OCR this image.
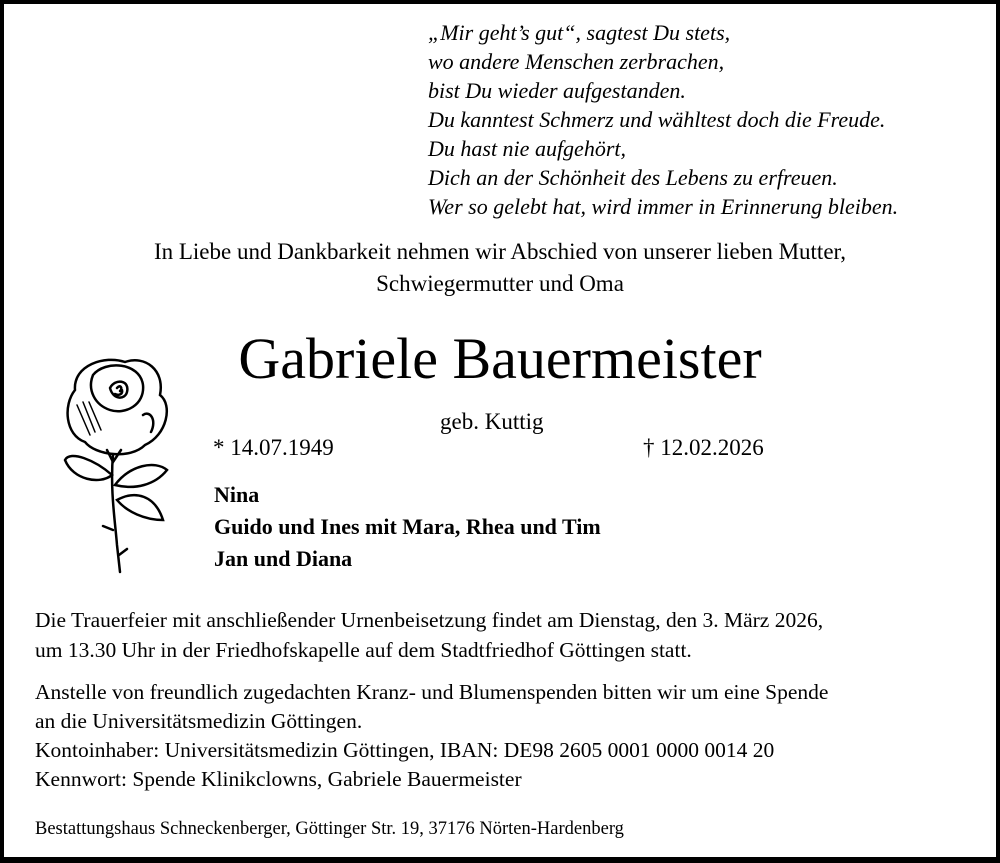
„Mir geht’s gut“, sagtest Du stets,
wo andere Menschen zerbrachen,
bist Du wieder aufgestanden.
Du kanntest Schmerz und wähltest doch die Freude.
Du hast nie aufgehört,
Dich an der Schönheit des Lebens zu erfreuen.
Wer so gelebt hat, wird immer in Erinnerung bleiben.
In Liebe und Dankbarkeit nehmen wir Abschied von unserer lieben Mutter,
Schwiegermutter und Oma
Gabriele Bauermeister
geb. Kuttig
* 14.07.1949	† 12.02.2026
Nina
Guido und Ines mit Mara, Rhea und Tim
Jan und Diana
Die Trauerfeier mit anschließender Urnenbeisetzung findet am Dienstag, den 3. März 2026,
um 13.30 Uhr in der Friedhofskapelle auf dem Stadtfriedhof Göttingen statt.
Anstelle von freundlich zugedachten Kranz- und Blumenspenden bitten wir um eine Spende
an die Universitätsmedizin Göttingen.
Kontoinhaber: Universitätsmedizin Göttingen, IBAN: DE98 2605 0001 0000 0014 20
Kennwort: Spende Klinikclowns, Gabriele Bauermeister
Bestattungshaus Schneckenberger, Göttinger Str. 19, 37176 Nörten-Hardenberg
